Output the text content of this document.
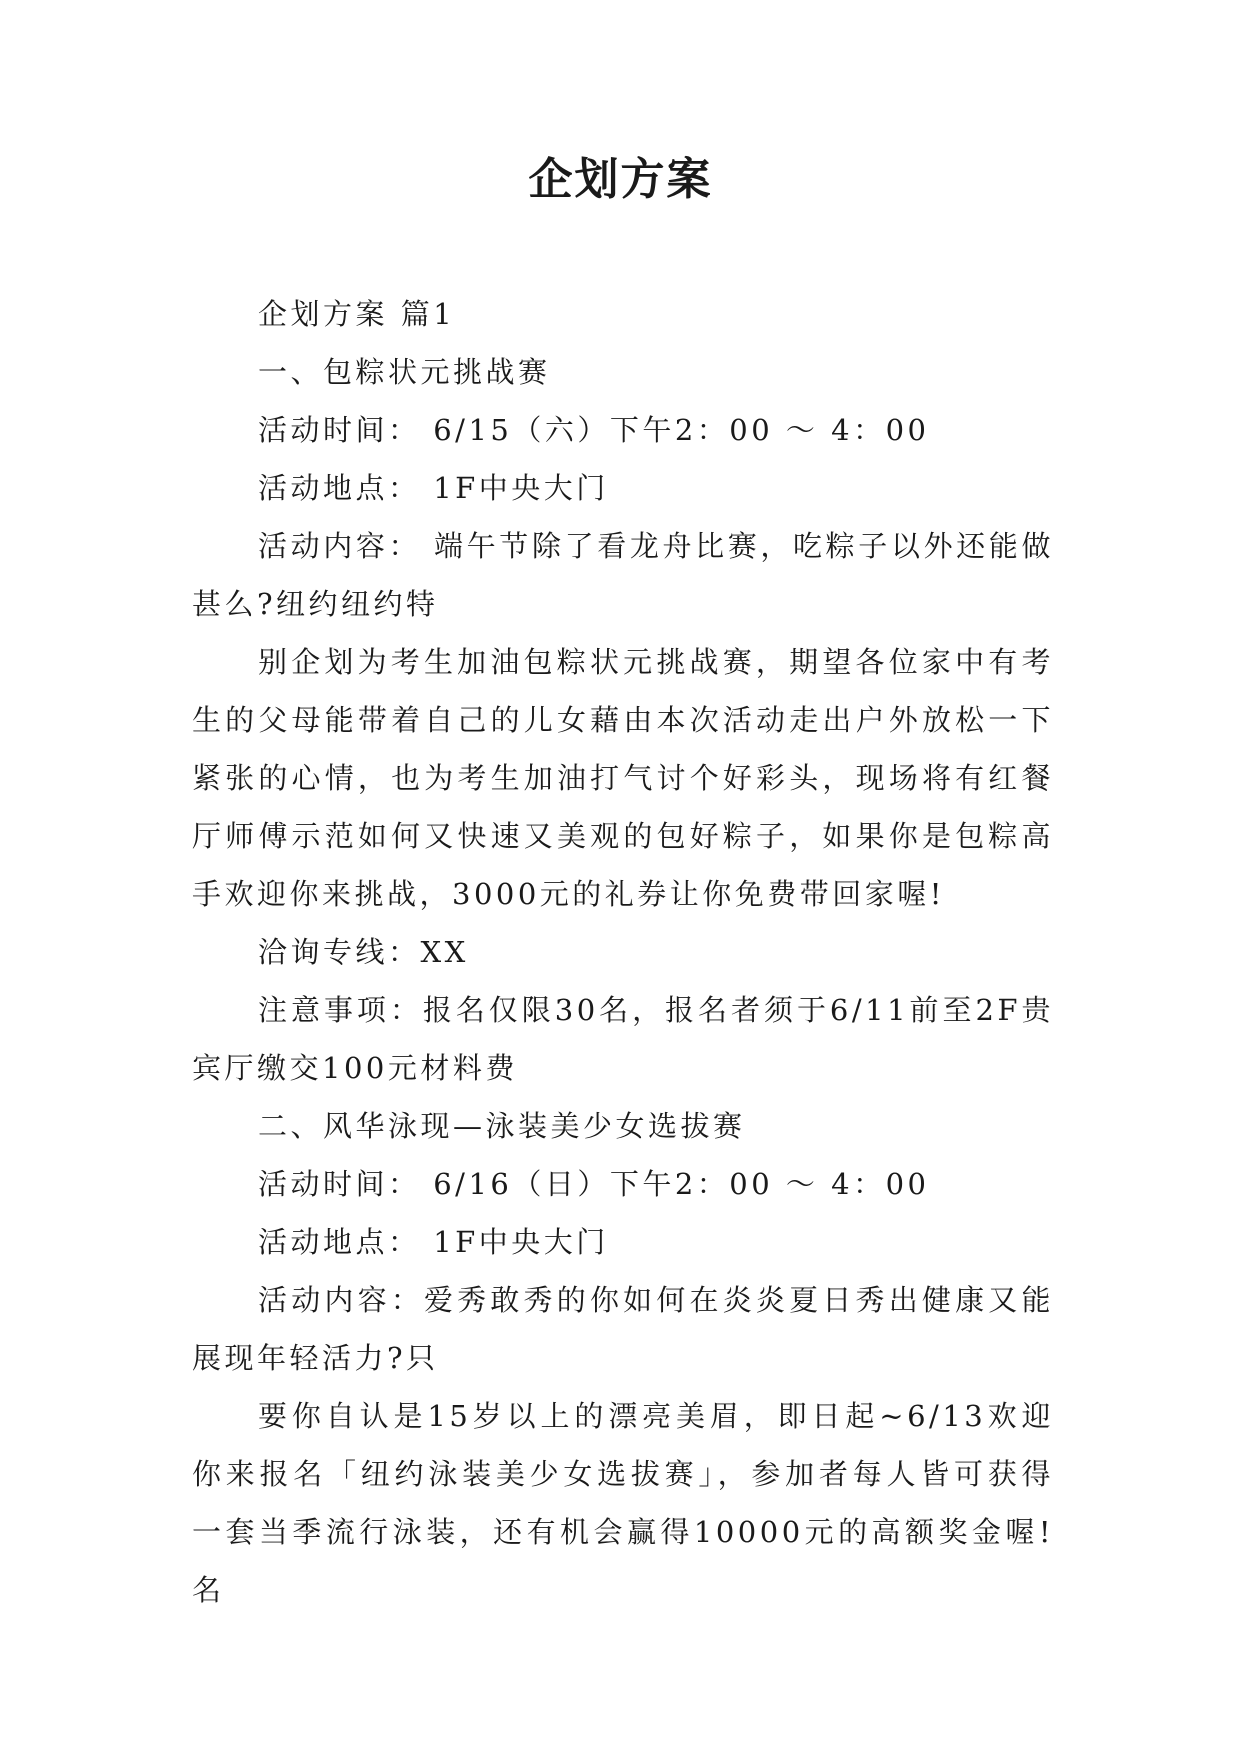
企划方案

企划方案 篇1

一、包粽状元挑战赛

活动时间： 6/15（六）下午2：00 ～ 4：00

活动地点： 1F中央大门

活动内容： 端午节除了看龙舟比赛，吃粽子以外还能做甚么?纽约纽约特

别企划为考生加油包粽状元挑战赛，期望各位家中有考生的父母能带着自己的儿女藉由本次活动走出户外放松一下紧张的心情，也为考生加油打气讨个好彩头，现场将有红餐厅师傅示范如何又快速又美观的包好粽子，如果你是包粽高手欢迎你来挑战，3000元的礼券让你免费带回家喔!

洽询专线：XX

注意事项：报名仅限30名，报名者须于6/11前至2F贵宾厅缴交100元材料费

二、风华泳现—泳装美少女选拔赛

活动时间： 6/16（日）下午2：00 ～ 4：00

活动地点： 1F中央大门

活动内容：爱秀敢秀的你如何在炎炎夏日秀出健康又能展现年轻活力?只

要你自认是15岁以上的漂亮美眉，即日起~6/13欢迎你来报名「纽约泳装美少女选拔赛」，参加者每人皆可获得一套当季流行泳装，还有机会赢得10000元的高额奖金喔!名
